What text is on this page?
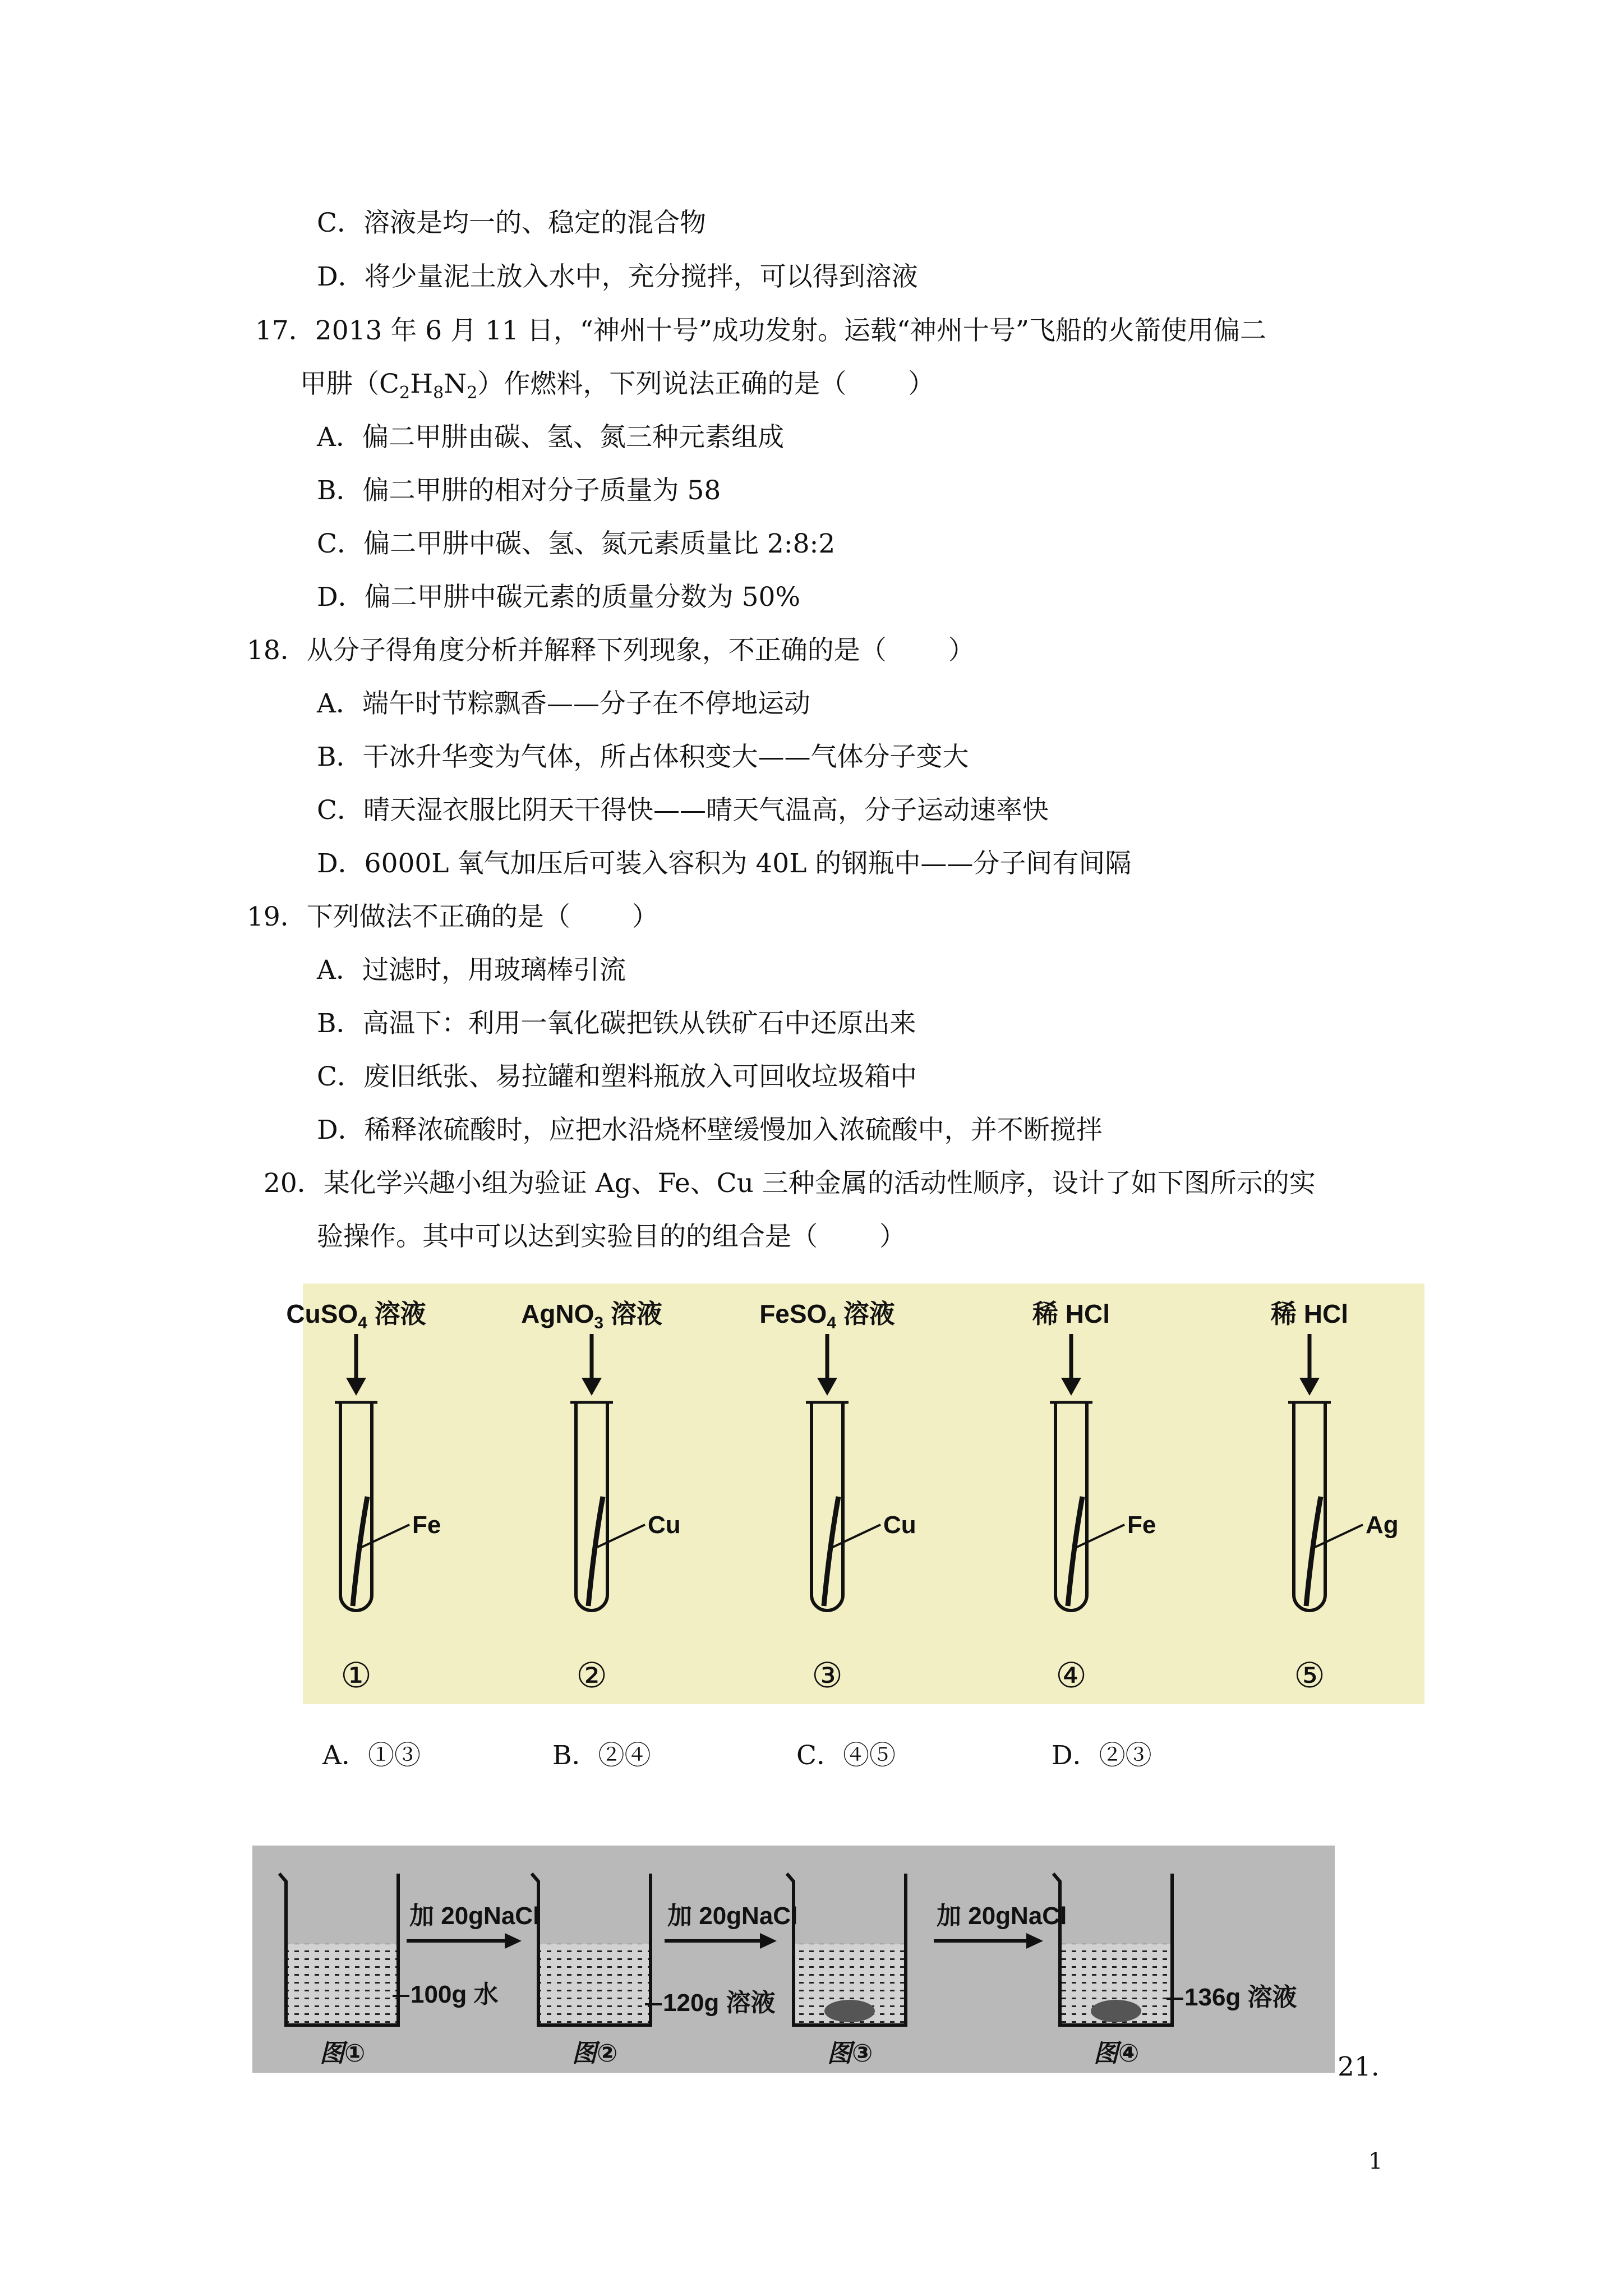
C．溶液是均一的、稳定的混合物
D．将少量泥土放入水中，充分搅拌，可以得到溶液
17．2013 年 6 月 11 日，“神州十号”成功发射。运载“神州十号”飞船的火箭使用偏二
甲肼$(C_2H_8N_2)$作燃料，下列说法正确的是（ ）
A．偏二甲肼由碳、氢、氮三种元素组成
B．偏二甲肼的相对分子质量为 58
C．偏二甲肼中碳、氢、氮元素质量比 2:8:2
D．偏二甲肼中碳元素的质量分数为 50%
18．从分子得角度分析并解释下列现象，不正确的是（ ）
A．端午时节粽飘香——分子在不停地运动
B．干冰升华变为气体，所占体积变大——气体分子变大
C．晴天湿衣服比阴天干得快——晴天气温高，分子运动速率快
D．6000L 氧气加压后可装入容积为 40L 的钢瓶中——分子间有间隔
19．下列做法不正确的是（ ）
A．过滤时，用玻璃棒引流
B．高温下：利用一氧化碳把铁从铁矿石中还原出来
C．废旧纸张、易拉罐和塑料瓶放入可回收垃圾箱中
D．稀释浓硫酸时，应把水沿烧杯壁缓慢加入浓硫酸中，并不断搅拌
20．某化学兴趣小组为验证 Ag、Fe、Cu 三种金属的活动性顺序，设计了如下图所示的实
验操作。其中可以达到实验目的的组合是（ ）
CuSO$_4$ 溶液
Fe
①
AgNO$_3$ 溶液
Cu
②
FeSO$_4$ 溶液
Cu
③
稀 HCl
Fe
④
稀 HCl
Ag
⑤
A．①③	B．②④	C．④⑤	D．②③
100g 水
图①
120g 溶液
图②	图③
136g 溶液
图④
加 20gNaCl	加 20gNaCl	加 20gNaCl
21.
1
